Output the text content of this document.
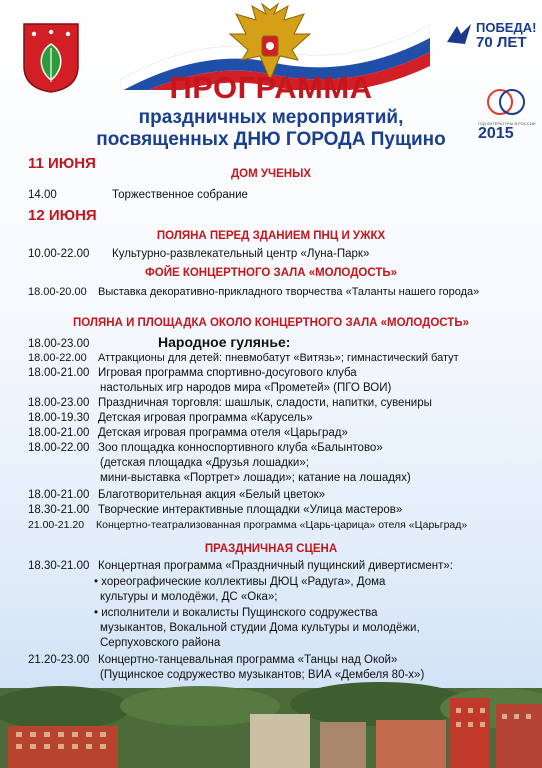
ПОБЕДА!
70 ЛЕТ
ГОД ЛИТЕРАТУРЫ В РОССИИ
2015
ПРОГРАММА
праздничных мероприятий,
посвященных ДНЮ ГОРОДА Пущино
11 ИЮНЯ
ДОМ УЧЕНЫХ
14.00	Торжественное собрание
12 ИЮНЯ
ПОЛЯНА ПЕРЕД ЗДАНИЕМ ПНЦ И УЖКХ
10.00-22.00 Культурно-развлекательный центр «Луна-Парк»
ФОЙЕ КОНЦЕРТНОГО ЗАЛА «МОЛОДОСТЬ»
18.00-20.00 Выставка декоративно-прикладного творчества «Таланты нашего города»
ПОЛЯНА И ПЛОЩАДКА ОКОЛО КОНЦЕРТНОГО ЗАЛА «МОЛОДОСТЬ»
18.00-23.00	Народное гуляньe:
18.00-22.00 Аттракционы для детей: пневмобатут «Витязь»; гимнастический батут
18.00-21.00 Игровая программа спортивно-досугового клуба
настольных игр народов мира «Прометей» (ПГО ВОИ)
18.00-23.00 Праздничная торговля: шашлык, сладости, напитки, сувениры
18.00-19.30 Детская игровая программа «Карусель»
18.00-21.00 Детская игровая программа отеля «Царьград»
18.00-22.00 Зоо площадка конноспортивного клуба «Балынтово»
(детская площадка «Друзья лошадки»;
мини-выставка «Портрет» лошади»; катание на лошадях)
18.00-21.00 Благотворительная акция «Белый цветок»
18.30-21.00 Творческие интерактивные площадки «Улица мастеров»
21.00-21.20 Концертно-театрализованная программа «Царь-царица» отеля «Царьград»
ПРАЗДНИЧНАЯ СЦЕНА
18.30-21.00 Концертная программа «Праздничный пущинский дивертисмент»:
• хореографические коллективы ДЮЦ «Радуга», Дома
культуры и молодёжи, ДС «Ока»;
• исполнители и вокалисты Пущинского содружества
музыкантов, Вокальной студии Дома культуры и молодёжи,
Серпуховского района
21.20-23.00 Концертно-танцевальная программа «Танцы над Окой»
(Пущинское содружество музыкантов; ВИА «Дембеля 80-х»)
